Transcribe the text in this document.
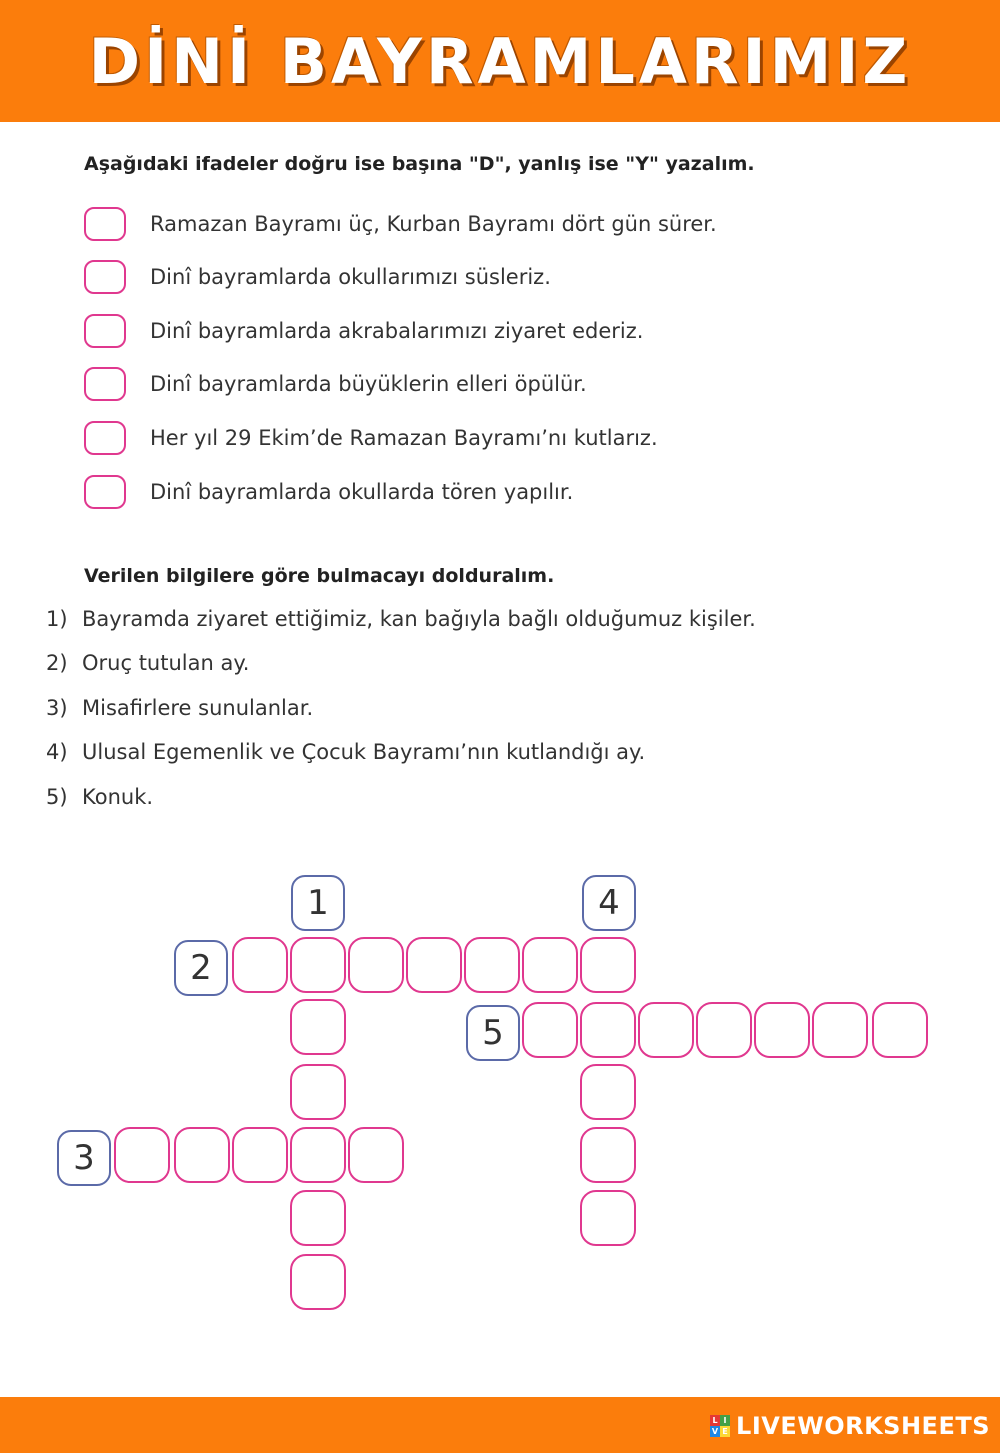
DİNİ BAYRAMLARIMIZ
Aşağıdaki ifadeler doğru ise başına "D", yanlış ise "Y" yazalım.
Ramazan Bayramı üç, Kurban Bayramı dört gün sürer.
Dinî bayramlarda okullarımızı süsleriz.
Dinî bayramlarda akrabalarımızı ziyaret ederiz.
Dinî bayramlarda büyüklerin elleri öpülür.
Her yıl 29 Ekim’de Ramazan Bayramı’nı kutlarız.
Dinî bayramlarda okullarda tören yapılır.
Verilen bilgilere göre bulmacayı dolduralım.
1) Bayramda ziyaret ettiğimiz, kan bağıyla bağlı olduğumuz kişiler.
2) Oruç tutulan ay.
3) Misafirlere sunulanlar.
4) Ulusal Egemenlik ve Çocuk Bayramı’nın kutlandığı ay.
5) Konuk.
1	4
2
5
3
L I
V E LIVEWORKSHEETS
